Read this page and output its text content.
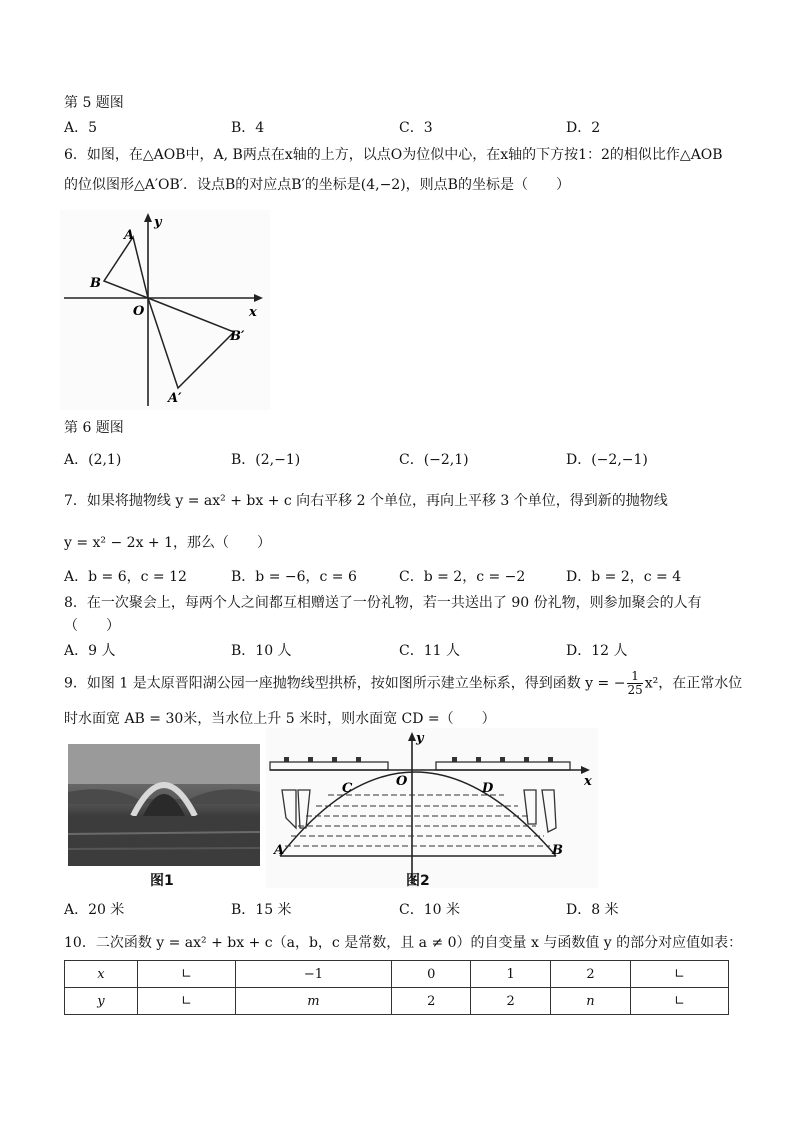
第 5 题图
A．5	B．4	C．3	D．2
6．如图，在△AOB中，A, B两点在x轴的上方，以点O为位似中心，在x轴的下方按1：2的相似比作△AOB
的位似图形△A′OB′．设点B的对应点B′的坐标是(4,−2)，则点B的坐标是（　　）
A
B
O	x
y
B′
A′
第 6 题图
A．(2,1)	B．(2,−1)	C．(−2,1)	D．(−2,−1)
7．如果将抛物线 y = ax² + bx + c 向右平移 2 个单位，再向上平移 3 个单位，得到新的抛物线
y = x² − 2x + 1，那么（　　）
A．b = 6，c = 12	B．b = −6，c = 6	C．b = 2，c = −2	D．b = 2，c = 4
8．在一次聚会上，每两个人之间都互相赠送了一份礼物，若一共送出了 90 份礼物，则参加聚会的人有
（　　）
A．9 人	B．10 人	C．11 人	D．12 人
9．如图 1 是太原晋阳湖公园一座抛物线型拱桥，按如图所示建立坐标系，得到函数 y = − $\frac{1}{25} x^2$，在正常水位
时水面宽 AB = 30米，当水位上升 5 米时，则水面宽 CD =（　　）
图1
y
O	x
C	D
A	B
图2
A．20 米	B．15 米	C．10 米	D．8 米
10．二次函数 y = ax² + bx + c（a，b，c 是常数，且 a ≠ 0）的自变量 x 与函数值 y 的部分对应值如表：
x	∟	−1	0	1	2	∟
y	∟	m	2	2	n	∟
